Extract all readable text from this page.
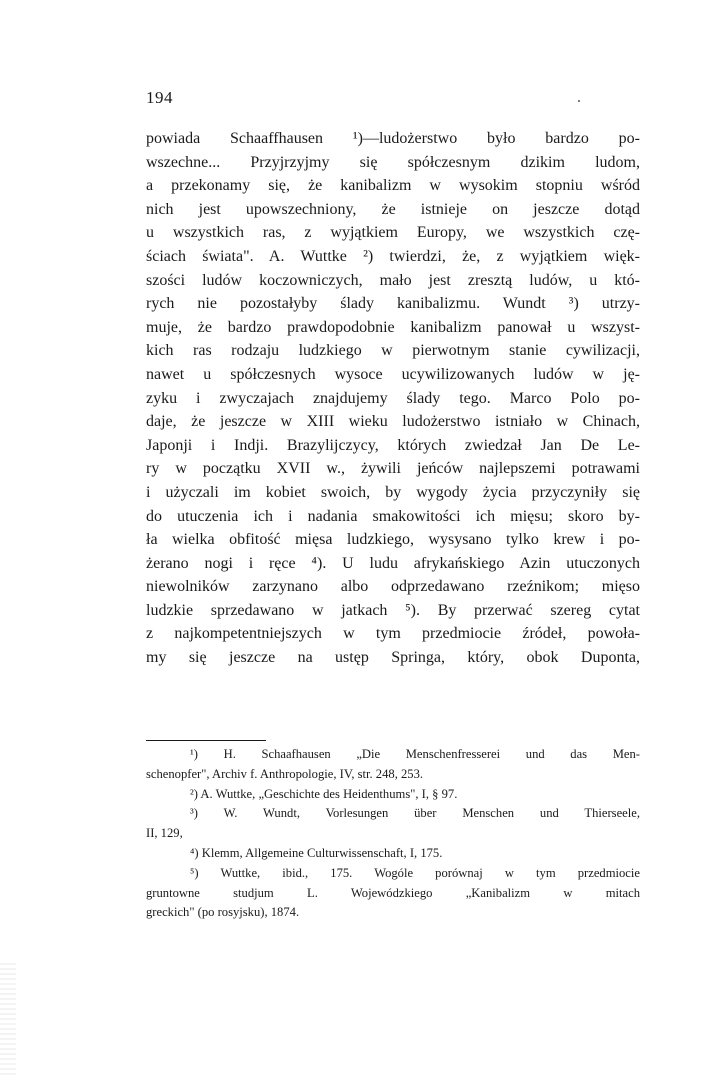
194
powiada Schaaffhausen ¹)—ludożerstwo było bardzo po-
wszechne... Przyjrzyjmy się spółczesnym dzikim ludom,
a przekonamy się, że kanibalizm w wysokim stopniu wśród
nich jest upowszechniony, że istnieje on jeszcze dotąd
u wszystkich ras, z wyjątkiem Europy, we wszystkich czę-
ściach świata". A. Wuttke ²) twierdzi, że, z wyjątkiem więk-
szości ludów koczowniczych, mało jest zresztą ludów, u któ-
rych nie pozostałyby ślady kanibalizmu. Wundt ³) utrzy-
muje, że bardzo prawdopodobnie kanibalizm panował u wszyst-
kich ras rodzaju ludzkiego w pierwotnym stanie cywilizacji,
nawet u spółczesnych wysoce ucywilizowanych ludów w ję-
zyku i zwyczajach znajdujemy ślady tego. Marco Polo po-
daje, że jeszcze w XIII wieku ludożerstwo istniało w Chinach,
Japonji i Indji. Brazylijczycy, których zwiedzał Jan De Le-
ry w początku XVII w., żywili jeńców najlepszemi potrawami
i użyczali im kobiet swoich, by wygody życia przyczyniły się
do utuczenia ich i nadania smakowitości ich mięsu; skoro by-
ła wielka obfitość mięsa ludzkiego, wysysano tylko krew i po-
żerano nogi i ręce ⁴). U ludu afrykańskiego Azin utuczonych
niewolników zarzynano albo odprzedawano rzeźnikom; mięso
ludzkie sprzedawano w jatkach ⁵). By przerwać szereg cytat
z najkompetentniejszych w tym przedmiocie źródeł, powoła-
my się jeszcze na ustęp Springa, który, obok Duponta,
¹) H. Schaafhausen „Die Menschenfresserei und das Men-
schenopfer", Archiv f. Anthropologie, IV, str. 248, 253.
²) A. Wuttke, „Geschichte des Heidenthums", I, § 97.
³) W. Wundt, Vorlesungen über Menschen und Thierseele,
II, 129,
⁴) Klemm, Allgemeine Culturwissenschaft, I, 175.
⁵) Wuttke, ibid., 175. Wogóle porównaj w tym przedmiocie
gruntowne studjum L. Wojewódzkiego „Kanibalizm w mitach
greckich" (po rosyjsku), 1874.
